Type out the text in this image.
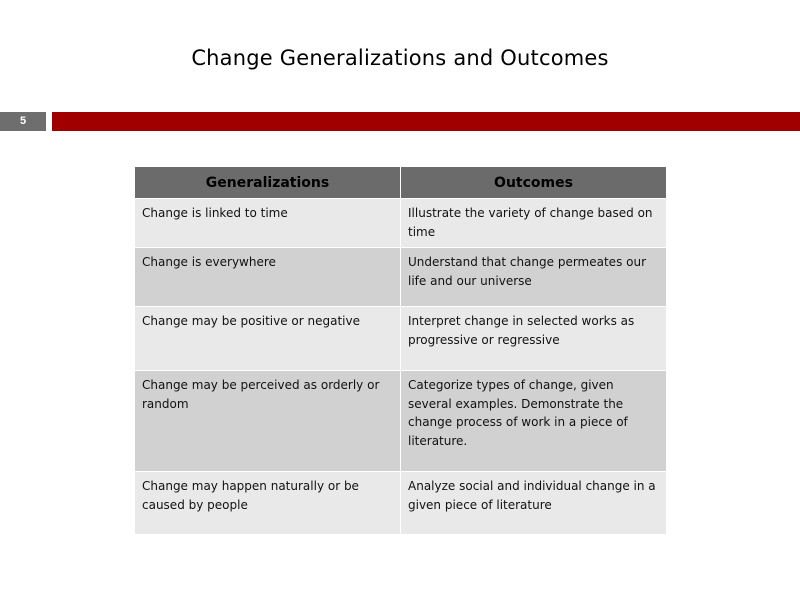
Change Generalizations and Outcomes
5
Generalizations	Outcomes
Change is linked to time	Illustrate the variety of change based on time
Change is everywhere	Understand that change permeates our life and our universe
Change may be positive or negative	Interpret change in selected works as progressive or regressive
Change may be perceived as orderly or random	Categorize types of change, given several examples. Demonstrate the change process of work in a piece of literature.
Change may happen naturally or be caused by people	Analyze social and individual change in a given piece of literature
